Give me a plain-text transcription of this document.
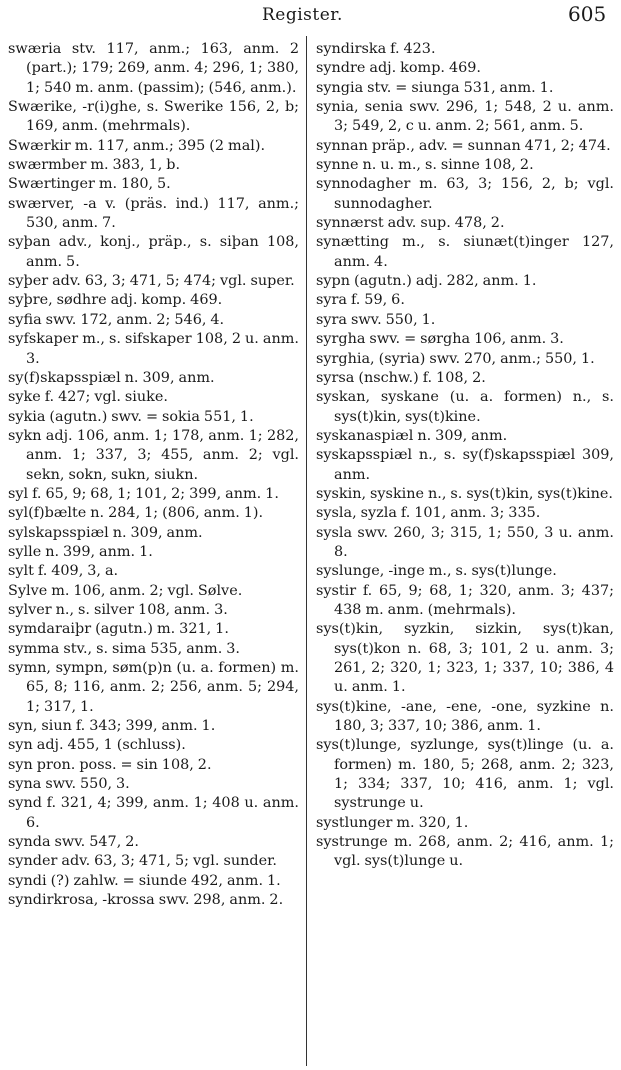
Register.	605
swæria stv. 117, anm.; 163, anm. 2 (part.); 179; 269, anm. 4; 296, 1; 380, 1; 540 m. anm. (passim); (546, anm.).
Swærike, -r(i)ghe, s. Swerike 156, 2, b; 169, anm. (mehrmals).
Swærkir m. 117, anm.; 395 (2 mal).
swærmber m. 383, 1, b.
Swærtinger m. 180, 5.
swærver, -a v. (präs. ind.) 117, anm.; 530, anm. 7.
syþan adv., konj., präp., s. siþan 108, anm. 5.
syþer adv. 63, 3; 471, 5; 474; vgl. super.
syþre, sødhre adj. komp. 469.
syfia swv. 172, anm. 2; 546, 4.
syfskaper m., s. sifskaper 108, 2 u. anm. 3.
sy(f)skapsspiæl n. 309, anm.
syke f. 427; vgl. siuke.
sykia (agutn.) swv. = sokia 551, 1.
sykn adj. 106, anm. 1; 178, anm. 1; 282, anm. 1; 337, 3; 455, anm. 2; vgl. sekn, sokn, sukn, siukn.
syl f. 65, 9; 68, 1; 101, 2; 399, anm. 1.
syl(f)bælte n. 284, 1; (806, anm. 1).
sylskapsspiæl n. 309, anm.
sylle n. 399, anm. 1.
sylt f. 409, 3, a.
Sylve m. 106, anm. 2; vgl. Sølve.
sylver n., s. silver 108, anm. 3.
symdaraiþr (agutn.) m. 321, 1.
symma stv., s. sima 535, anm. 3.
symn, sympn, søm(p)n (u. a. formen) m. 65, 8; 116, anm. 2; 256, anm. 5; 294, 1; 317, 1.
syn, siun f. 343; 399, anm. 1.
syn adj. 455, 1 (schluss).
syn pron. poss. = sin 108, 2.
syna swv. 550, 3.
synd f. 321, 4; 399, anm. 1; 408 u. anm. 6.
synda swv. 547, 2.
synder adv. 63, 3; 471, 5; vgl. sunder.
syndi (?) zahlw. = siunde 492, anm. 1.
syndirkrosa, -krossa swv. 298, anm. 2.
syndirska f. 423.
syndre adj. komp. 469.
syngia stv. = siunga 531, anm. 1.
synia, senia swv. 296, 1; 548, 2 u. anm. 3; 549, 2, c u. anm. 2; 561, anm. 5.
synnan präp., adv. = sunnan 471, 2; 474.
synne n. u. m., s. sinne 108, 2.
synnodagher m. 63, 3; 156, 2, b; vgl. sunnodagher.
synnærst adv. sup. 478, 2.
synætting m., s. siunæt(t)inger 127, anm. 4.
sypn (agutn.) adj. 282, anm. 1.
syra f. 59, 6.
syra swv. 550, 1.
syrgha swv. = sørgha 106, anm. 3.
syrghia, (syria) swv. 270, anm.; 550, 1.
syrsa (nschw.) f. 108, 2.
syskan, syskane (u. a. formen) n., s. sys(t)kin, sys(t)kine.
syskanaspiæl n. 309, anm.
syskapsspiæl n., s. sy(f)skapsspiæl 309, anm.
syskin, syskine n., s. sys(t)kin, sys(t)kine.
sysla, syzla f. 101, anm. 3; 335.
sysla swv. 260, 3; 315, 1; 550, 3 u. anm. 8.
syslunge, -inge m., s. sys(t)lunge.
systir f. 65, 9; 68, 1; 320, anm. 3; 437; 438 m. anm. (mehrmals).
sys(t)kin, syzkin, sizkin, sys(t)kan, sys(t)kon n. 68, 3; 101, 2 u. anm. 3; 261, 2; 320, 1; 323, 1; 337, 10; 386, 4 u. anm. 1.
sys(t)kine, -ane, -ene, -one, syzkine n. 180, 3; 337, 10; 386, anm. 1.
sys(t)lunge, syzlunge, sys(t)linge (u. a. formen) m. 180, 5; 268, anm. 2; 323, 1; 334; 337, 10; 416, anm. 1; vgl. systrunge u.
systlunger m. 320, 1.
systrunge m. 268, anm. 2; 416, anm. 1; vgl. sys(t)lunge u.
